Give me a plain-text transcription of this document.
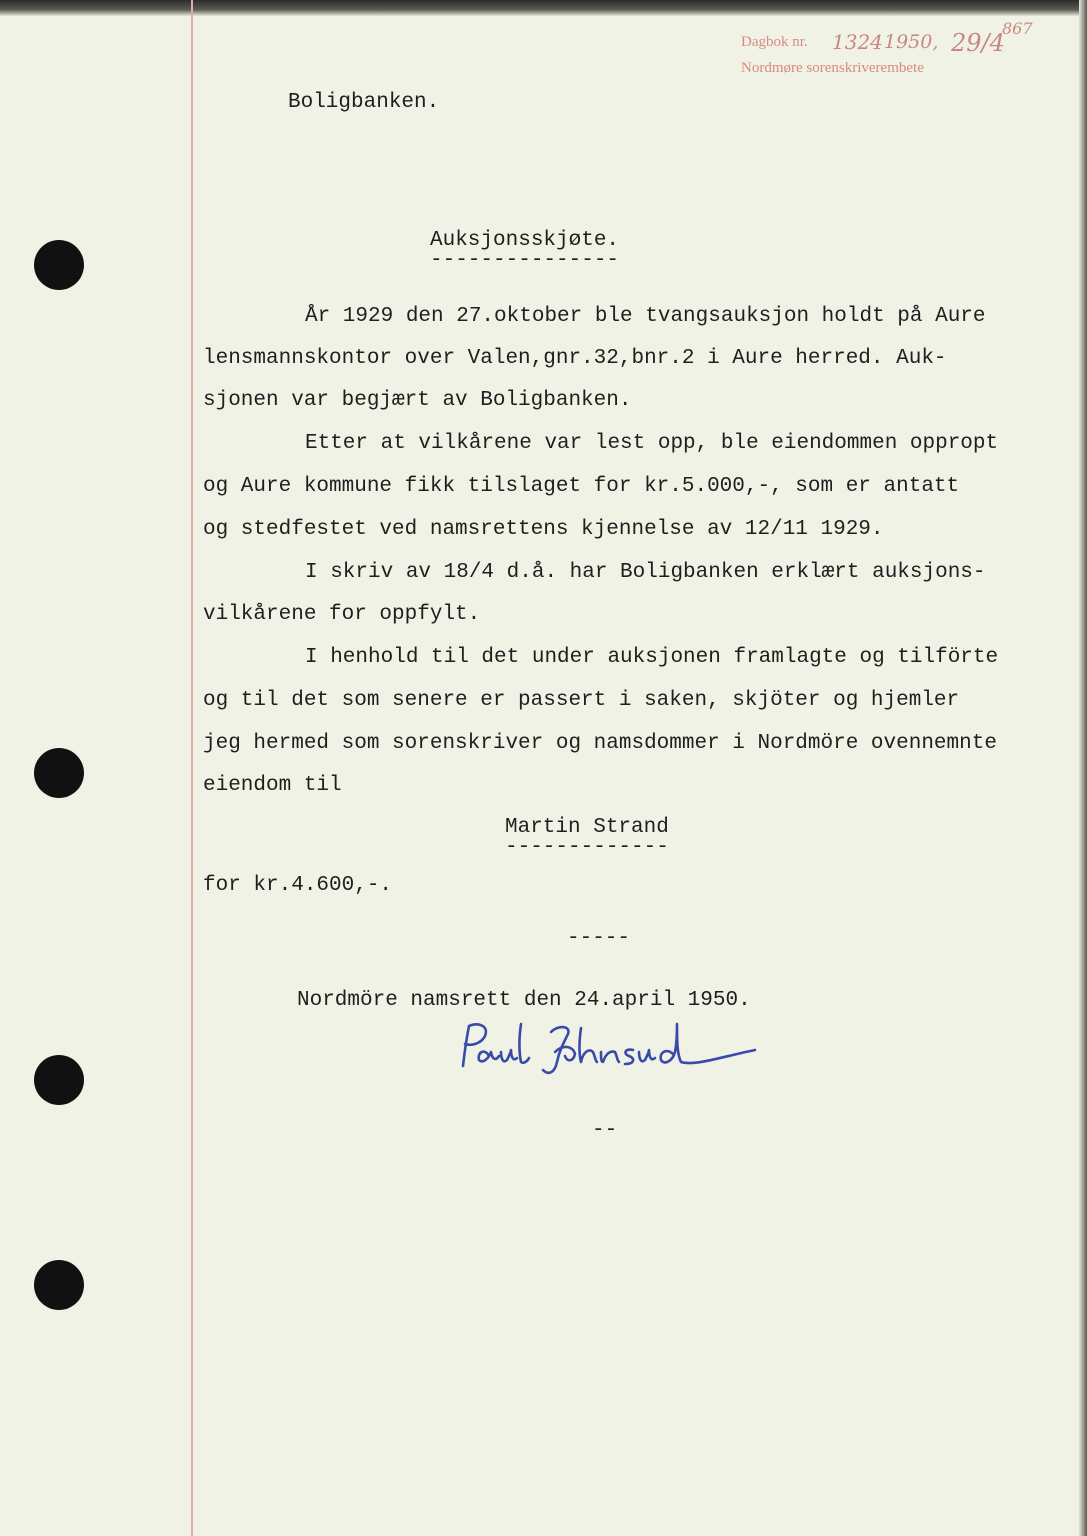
Dagbok nr. 1324 1950, 29/4
867
Nordmøre sorenskriverembete

Boligbanken.

Auksjonsskjøte.

---------------

År 1929 den 27.oktober ble tvangsauksjon holdt på Aure

lensmannskontor over Valen,gnr.32,bnr.2 i Aure herred. Auk-

sjonen var begjært av Boligbanken.

Etter at vilkårene var lest opp, ble eiendommen oppropt

og Aure kommune fikk tilslaget for kr.5.000,-, som er antatt

og stedfestet ved namsrettens kjennelse av 12/11 1929.

I skriv av 18/4 d.å. har Boligbanken erklært auksjons-

vilkårene for oppfylt.

I henhold til det under auksjonen framlagte og tilförte

og til det som senere er passert i saken, skjöter og hjemler

jeg hermed som sorenskriver og namsdommer i Nordmöre ovennemnte

eiendom til

Martin Strand

-------------

for kr.4.600,-.

-----

Nordmöre namsrett den 24.april 1950.

--
